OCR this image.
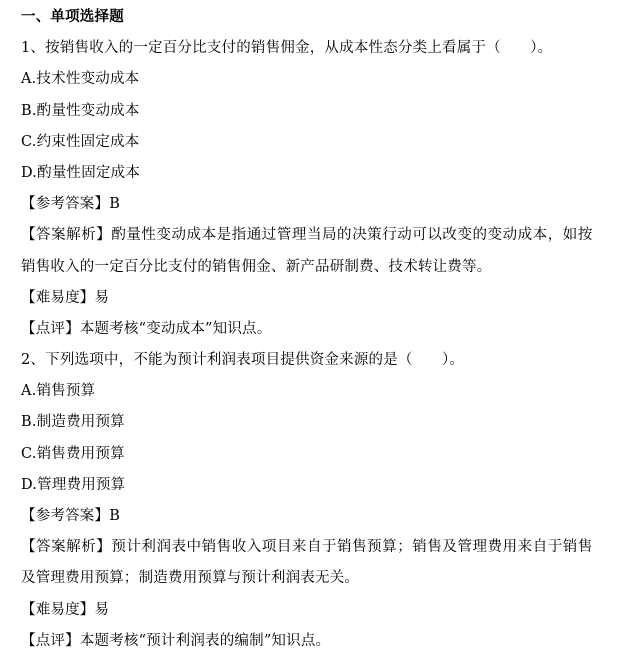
一、单项选择题
1、按销售收入的一定百分比支付的销售佣金，从成本性态分类上看属于（　　）。
A.技术性变动成本
B.酌量性变动成本
C.约束性固定成本
D.酌量性固定成本
【参考答案】B
【答案解析】酌量性变动成本是指通过管理当局的决策行动可以改变的变动成本，如按
销售收入的一定百分比支付的销售佣金、新产品研制费、技术转让费等。
【难易度】易
【点评】本题考核“变动成本”知识点。
2、下列选项中，不能为预计利润表项目提供资金来源的是（　　）。
A.销售预算
B.制造费用预算
C.销售费用预算
D.管理费用预算
【参考答案】B
【答案解析】预计利润表中销售收入项目来自于销售预算；销售及管理费用来自于销售
及管理费用预算；制造费用预算与预计利润表无关。
【难易度】易
【点评】本题考核“预计利润表的编制”知识点。
